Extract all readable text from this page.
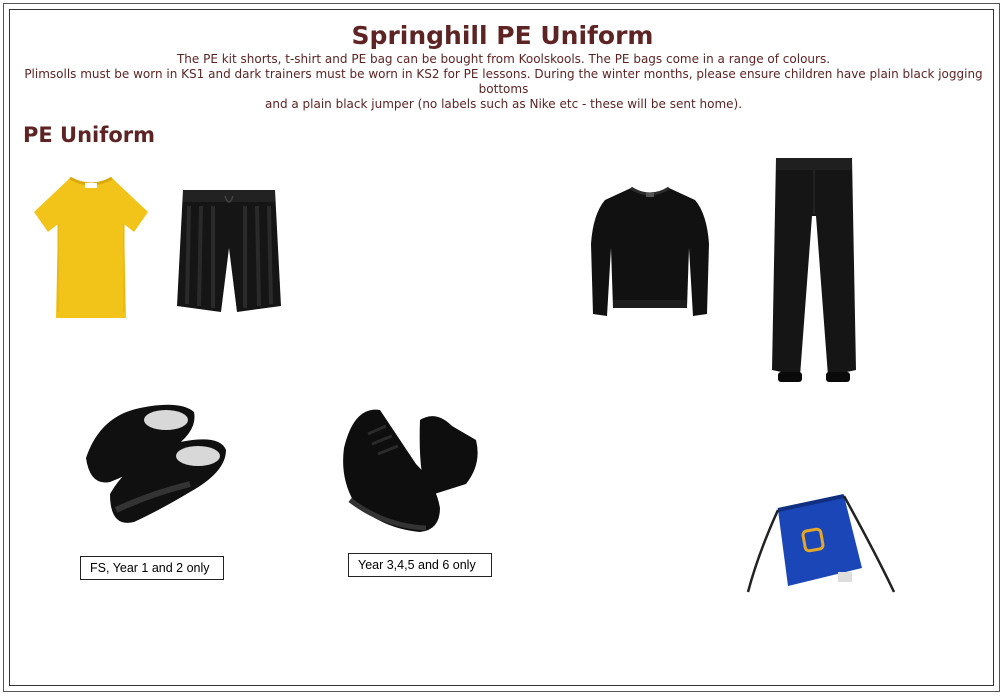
Springhill PE Uniform

The PE kit shorts, t-shirt and PE bag can be bought from Koolskools. The PE bags come in a range of colours.

Plimsolls must be worn in KS1 and dark trainers must be worn in KS2 for PE lessons. During the winter months, please ensure children have plain black jogging bottoms

and a plain black jumper (no labels such as Nike etc - these will be sent home).

PE Uniform
FS, Year 1 and 2 only	Year 3,4,5 and 6 only
